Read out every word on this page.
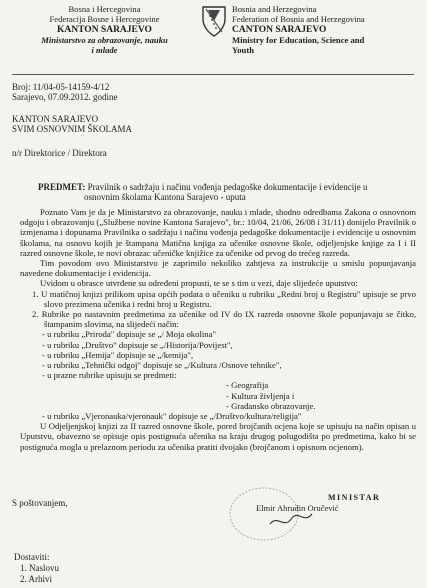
Bosna i Hercegovina
Federacija Bosne i Hercegovine
KANTON SARAJEVO
Ministarstvo za obrazovanje, nauku
i mlade
Bosnia and Herzegovina
Federation of Bosnia and Herzegovina
CANTON SARAJEVO
Ministry for Education, Science and
Youth
Broj: 11/04-05-14159-4/12
Sarajevo, 07.09.2012. godine
KANTON SARAJEVO
SVIM OSNOVNIM ŠKOLAMA
n/r Direktorice / Direktora
PREDMET: Pravilnik o sadržaju i načinu vođenja pedagoške dokumentacije i evidencije u
osnovnim školama Kantona Sarajevo - uputa

Poznato Vam je da je Ministarstvo za obrazovanje, nauku i mlade, shodno odredbama Zakona o osnovnom odgoju i obrazovanju („Službene novine Kantona Sarajevo", br.: 10/04, 21/06, 26/08 i 31/11) donijelo Pravilnik o izmjenama i dopunama Pravilnika o sadržaju i načinu vođenja pedagoške dokumentacije i evidencije u osnovnim školama, na osnovu kojih je štampana Matična knjiga za učenike osnovne škole, odjeljenjske knjige za I i II razred osnovne škole, te novi obrazac učeničke knjižice za učenike od prvog do trećeg razreda.

Tim povodom ovo Ministarstvo je zaprimilo nekoliko zahtjeva za instrukcije u smislu popunjavanja navedene dokumentacije i evidencija.

Uvidom u obrasce utvrđene su određeni propusti, te se s tim u vezi, daje slijedeće uputstvo:

1. U matičnoj knjizi prilikom upisa općih podata o učeniku u rubriku „Redni broj u Registru" upisuje se prvo slovo prezimena učenika i redni broj u Registru.

2. Rubrike po nastavnim predmetima za učenike od IV do IX razreda osnovne škole popunjavaju se čitko, štampanim slovima, na slijedeći način:

- u rubriku „Priroda" dopisuje se „/ Moja okolina"

- u rubriku „Društvo" dopisuje se „/Historija/Povijest",

- u rubriku „Hemija" dopisuje se „/kemija",

- u rubriku „Tehnički odgoj" dopisuje se „/Kultura /Osnove tehnike",

- u prazne rubrike upisuju se predmeti:

- Geografija

- Kultura življenja i

- Građansko obrazovanje.

- u rubriku „Vjeronauka/vjeronauk" dopisuje se „/Društvo/kultura/religija"

U Odjeljenjskoj knjizi za II razred osnovne škole, pored brojčanih ocjena koje se upisuju na način opisan u Uputstvu, obavezno se opisuje opis postignuća učenika na kraju drugog polugodišta po predmetima, kako bi se postignuća mogla u prelaznom periodu za učenika pratiti dvojako (brojčanom i opisnom ocjenom).

S poštovanjem,
MINISTAR
Elmir Ahrudin Oručević
Dostaviti:
1. Naslovu
2. Arhivi
